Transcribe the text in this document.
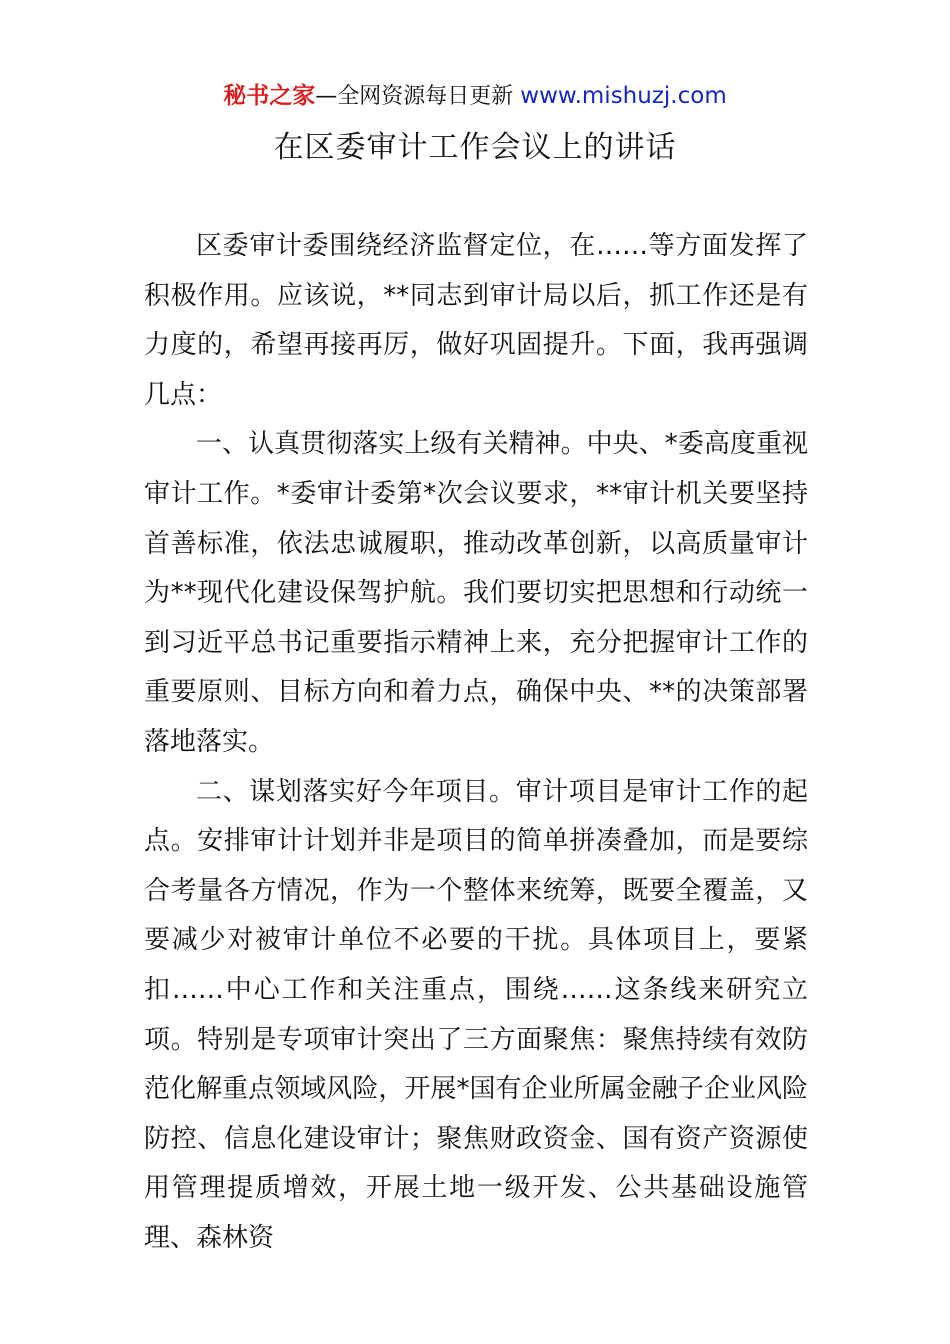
秘书之家—全网资源每日更新 www.mishuzj.com
在区委审计工作会议上的讲话

区委审计委围绕经济监督定位，在……等方面发挥了积极作用。应该说，**同志到审计局以后，抓工作还是有力度的，希望再接再厉，做好巩固提升。下面，我再强调几点：

一、认真贯彻落实上级有关精神。中央、*委高度重视审计工作。*委审计委第*次会议要求，**审计机关要坚持首善标准，依法忠诚履职，推动改革创新，以高质量审计为**现代化建设保驾护航。我们要切实把思想和行动统一到习近平总书记重要指示精神上来，充分把握审计工作的重要原则、目标方向和着力点，确保中央、**的决策部署落地落实。

二、谋划落实好今年项目。审计项目是审计工作的起点。安排审计计划并非是项目的简单拼凑叠加，而是要综合考量各方情况，作为一个整体来统筹，既要全覆盖，又要减少对被审计单位不必要的干扰。具体项目上，要紧扣……中心工作和关注重点，围绕……这条线来研究立项。特别是专项审计突出了三方面聚焦：聚焦持续有效防范化解重点领域风险，开展*国有企业所属金融子企业风险防控、信息化建设审计；聚焦财政资金、国有资产资源使用管理提质增效，开展土地一级开发、公共基础设施管理、森林资
